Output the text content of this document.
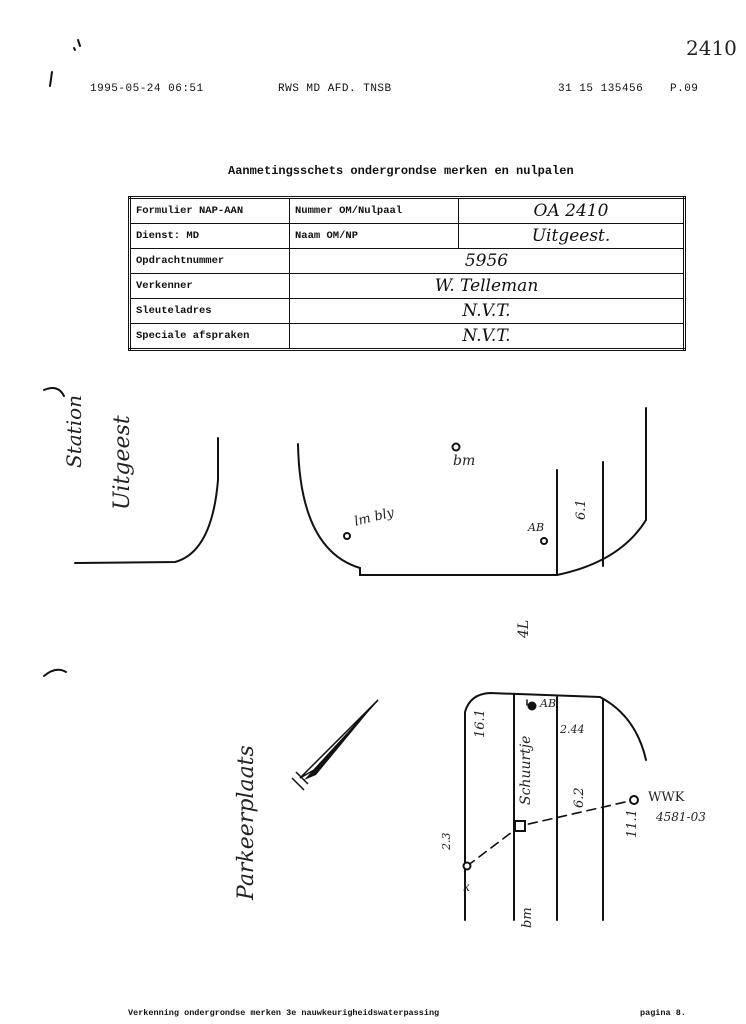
2410
1995-05-24 06:51	RWS MD AFD. TNSB	31 15 135456 P.09
Aanmetingsschets ondergrondse merken en nulpalen
Formulier NAP-AAN	Nummer OM/Nulpaal	OA 2410
Dienst: MD	Naam OM/NP	Uitgeest.
Opdrachtnummer	5956	
Verkenner	W. Telleman	
Sleuteladres	N.V.T.	
Speciale afspraken	N.V.T.	
Station Uitgeest	bm
lm bly	AB
6.1
4L
Parkeerplaats
AB
2.44
16.1
Schuurtje	6.2	WWK
4581-03
11.1
2.3
k
bm
Verkenning ondergrondse merken 3e nauwkeurigheidswaterpassing	pagina 8.
